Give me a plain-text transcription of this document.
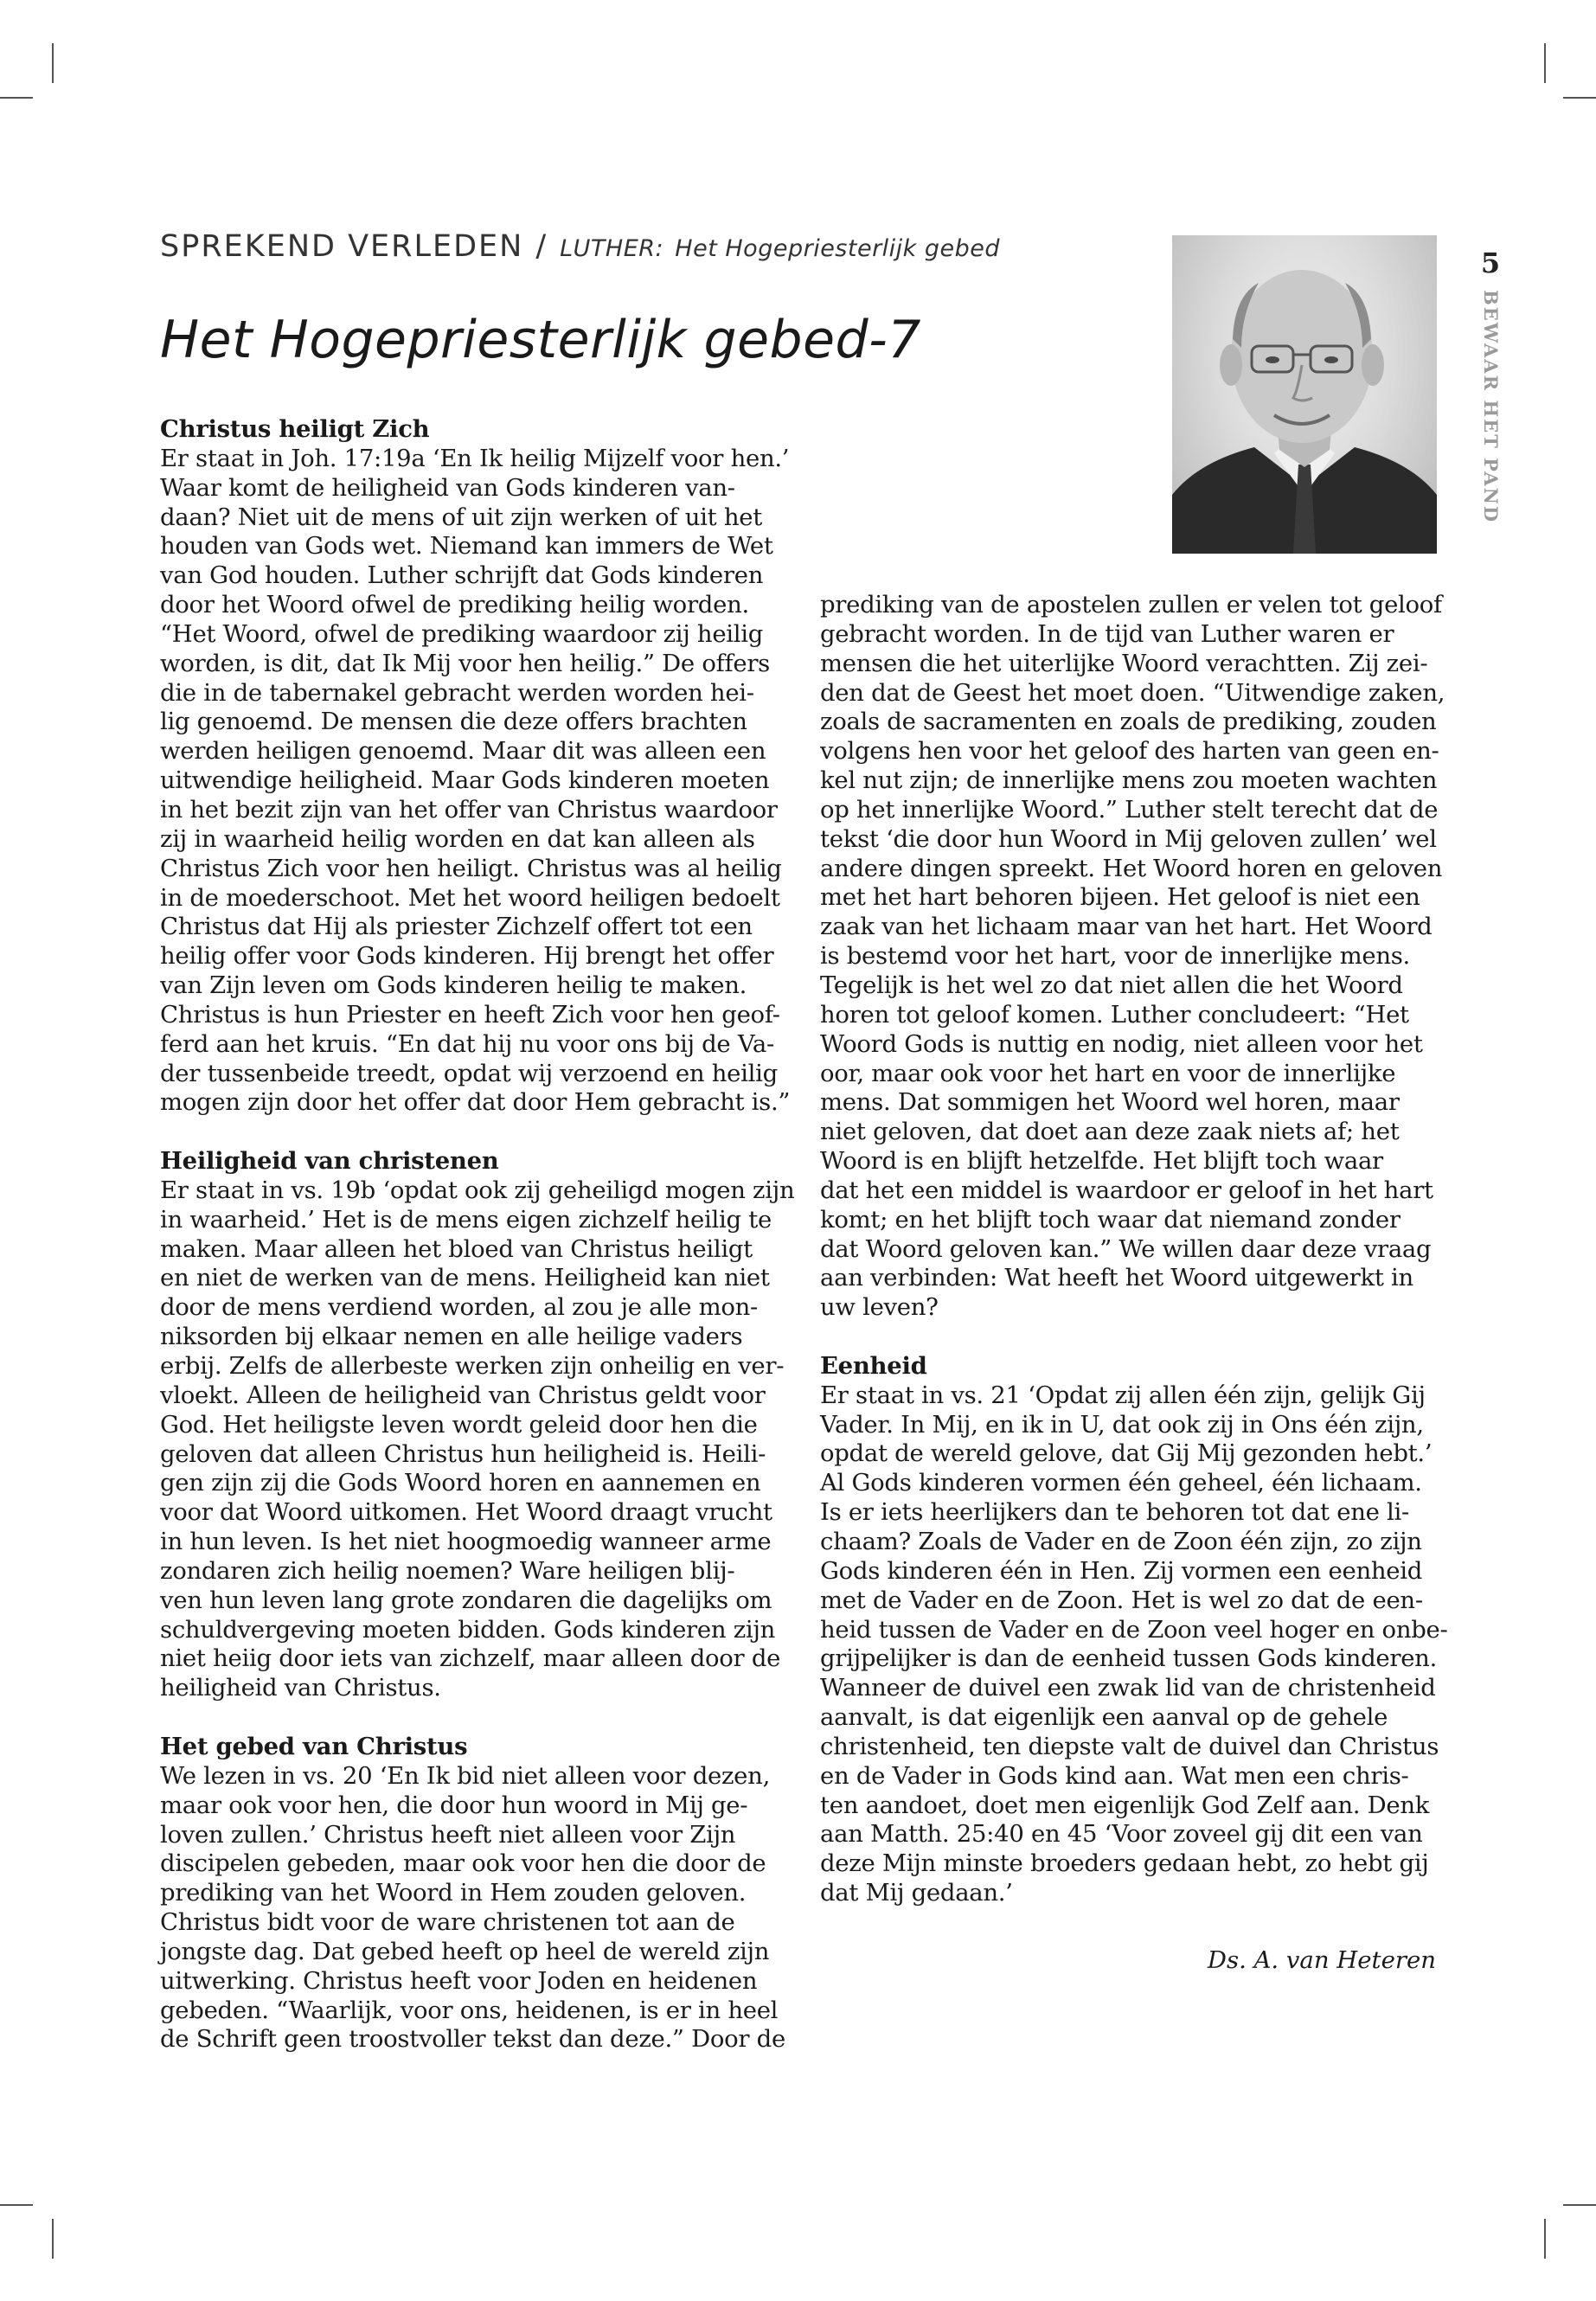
SPREKEND VERLEDEN / LUTHER: Het Hogepriesterlijk gebed
Het Hogepriesterlijk gebed-7
5
BEWAAR HET PAND
Christus heiligt Zich
Er staat in Joh. 17:19a ‘En Ik heilig Mijzelf voor hen.’
Waar komt de heiligheid van Gods kinderen van-
daan? Niet uit de mens of uit zijn werken of uit het
houden van Gods wet. Niemand kan immers de Wet
van God houden. Luther schrijft dat Gods kinderen
door het Woord ofwel de prediking heilig worden.
“Het Woord, ofwel de prediking waardoor zij heilig
worden, is dit, dat Ik Mij voor hen heilig.” De offers
die in de tabernakel gebracht werden worden hei-
lig genoemd. De mensen die deze offers brachten
werden heiligen genoemd. Maar dit was alleen een
uitwendige heiligheid. Maar Gods kinderen moeten
in het bezit zijn van het offer van Christus waardoor
zij in waarheid heilig worden en dat kan alleen als
Christus Zich voor hen heiligt. Christus was al heilig
in de moederschoot. Met het woord heiligen bedoelt
Christus dat Hij als priester Zichzelf offert tot een
heilig offer voor Gods kinderen. Hij brengt het offer
van Zijn leven om Gods kinderen heilig te maken.
Christus is hun Priester en heeft Zich voor hen geof-
ferd aan het kruis. “En dat hij nu voor ons bij de Va-
der tussenbeide treedt, opdat wij verzoend en heilig
mogen zijn door het offer dat door Hem gebracht is.”
Heiligheid van christenen
Er staat in vs. 19b ‘opdat ook zij geheiligd mogen zijn
in waarheid.’ Het is de mens eigen zichzelf heilig te
maken. Maar alleen het bloed van Christus heiligt
en niet de werken van de mens. Heiligheid kan niet
door de mens verdiend worden, al zou je alle mon-
niksorden bij elkaar nemen en alle heilige vaders
erbij. Zelfs de allerbeste werken zijn onheilig en ver-
vloekt. Alleen de heiligheid van Christus geldt voor
God. Het heiligste leven wordt geleid door hen die
geloven dat alleen Christus hun heiligheid is. Heili-
gen zijn zij die Gods Woord horen en aannemen en
voor dat Woord uitkomen. Het Woord draagt vrucht
in hun leven. Is het niet hoogmoedig wanneer arme
zondaren zich heilig noemen? Ware heiligen blij-
ven hun leven lang grote zondaren die dagelijks om
schuldvergeving moeten bidden. Gods kinderen zijn
niet heiig door iets van zichzelf, maar alleen door de
heiligheid van Christus.
Het gebed van Christus
We lezen in vs. 20 ‘En Ik bid niet alleen voor dezen,
maar ook voor hen, die door hun woord in Mij ge-
loven zullen.’ Christus heeft niet alleen voor Zijn
discipelen gebeden, maar ook voor hen die door de
prediking van het Woord in Hem zouden geloven.
Christus bidt voor de ware christenen tot aan de
jongste dag. Dat gebed heeft op heel de wereld zijn
uitwerking. Christus heeft voor Joden en heidenen
gebeden. “Waarlijk, voor ons, heidenen, is er in heel
de Schrift geen troostvoller tekst dan deze.” Door de
prediking van de apostelen zullen er velen tot geloof
gebracht worden. In de tijd van Luther waren er
mensen die het uiterlijke Woord verachtten. Zij zei-
den dat de Geest het moet doen. “Uitwendige zaken,
zoals de sacramenten en zoals de prediking, zouden
volgens hen voor het geloof des harten van geen en-
kel nut zijn; de innerlijke mens zou moeten wachten
op het innerlijke Woord.” Luther stelt terecht dat de
tekst ‘die door hun Woord in Mij geloven zullen’ wel
andere dingen spreekt. Het Woord horen en geloven
met het hart behoren bijeen. Het geloof is niet een
zaak van het lichaam maar van het hart. Het Woord
is bestemd voor het hart, voor de innerlijke mens.
Tegelijk is het wel zo dat niet allen die het Woord
horen tot geloof komen. Luther concludeert: “Het
Woord Gods is nuttig en nodig, niet alleen voor het
oor, maar ook voor het hart en voor de innerlijke
mens. Dat sommigen het Woord wel horen, maar
niet geloven, dat doet aan deze zaak niets af; het
Woord is en blijft hetzelfde. Het blijft toch waar
dat het een middel is waardoor er geloof in het hart
komt; en het blijft toch waar dat niemand zonder
dat Woord geloven kan.” We willen daar deze vraag
aan verbinden: Wat heeft het Woord uitgewerkt in
uw leven?
Eenheid
Er staat in vs. 21 ‘Opdat zij allen één zijn, gelijk Gij
Vader. In Mij, en ik in U, dat ook zij in Ons één zijn,
opdat de wereld gelove, dat Gij Mij gezonden hebt.’
Al Gods kinderen vormen één geheel, één lichaam.
Is er iets heerlijkers dan te behoren tot dat ene li-
chaam? Zoals de Vader en de Zoon één zijn, zo zijn
Gods kinderen één in Hen. Zij vormen een eenheid
met de Vader en de Zoon. Het is wel zo dat de een-
heid tussen de Vader en de Zoon veel hoger en onbe-
grijpelijker is dan de eenheid tussen Gods kinderen.
Wanneer de duivel een zwak lid van de christenheid
aanvalt, is dat eigenlijk een aanval op de gehele
christenheid, ten diepste valt de duivel dan Christus
en de Vader in Gods kind aan. Wat men een chris-
ten aandoet, doet men eigenlijk God Zelf aan. Denk
aan Matth. 25:40 en 45 ‘Voor zoveel gij dit een van
deze Mijn minste broeders gedaan hebt, zo hebt gij
dat Mij gedaan.’
Ds. A. van Heteren
